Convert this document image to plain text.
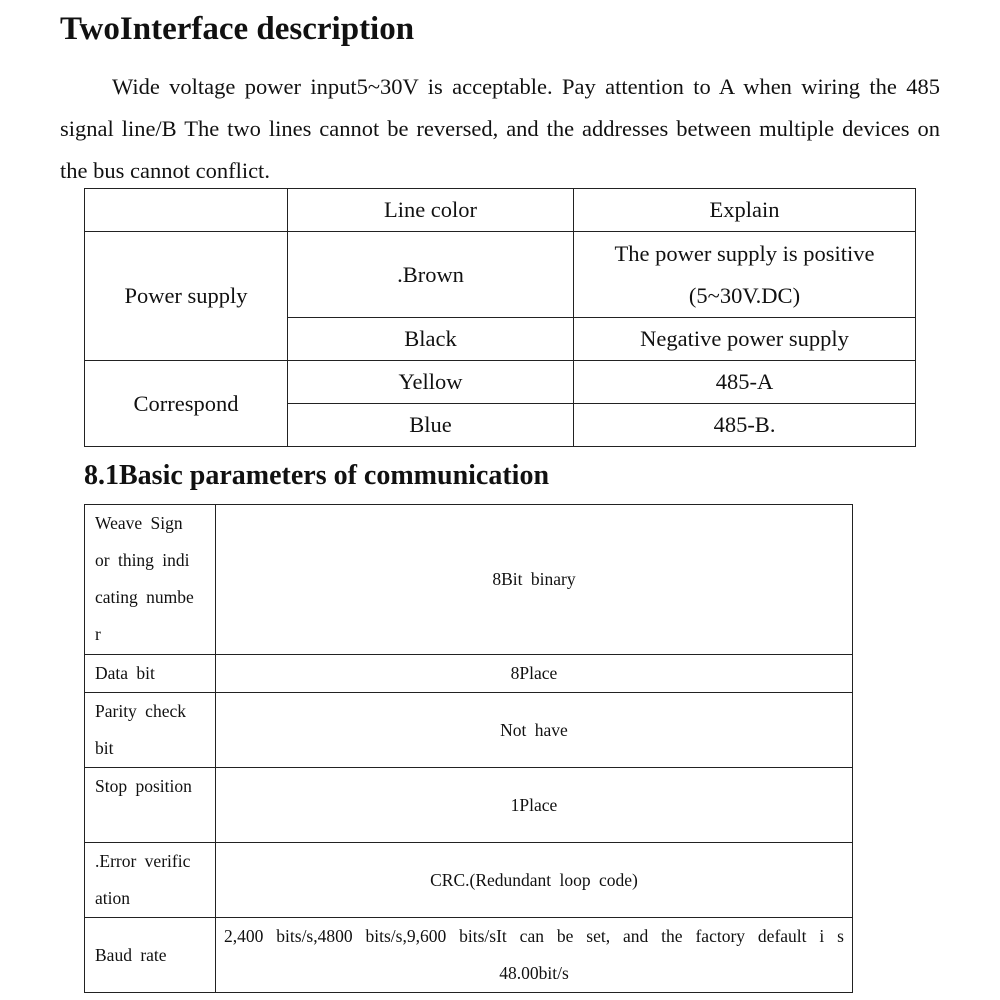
TwoInterface description

Wide voltage power input5~30V is acceptable. Pay attention to A when wiring the 485 signal line/B The two lines cannot be reversed, and the addresses between multiple devices on the bus cannot conflict.

	Line color	Explain
Power supply	.Brown	The power supply is positive (5~30V.DC)
	Black	Negative power supply
Correspond	Yellow	485-A
	Blue	485-B.
8.1Basic parameters of communication
Weave Sign or thing indi cating numbe r	8Bit binary
Data bit	8Place
Parity check bit	Not have
Stop position	1Place
.Error verific ation	CRC.(Redundant loop code)
Baud rate	2,400 bits/s,4800 bits/s,9,600 bits/sIt can be set, and the factory default i s 48.00bit/s
